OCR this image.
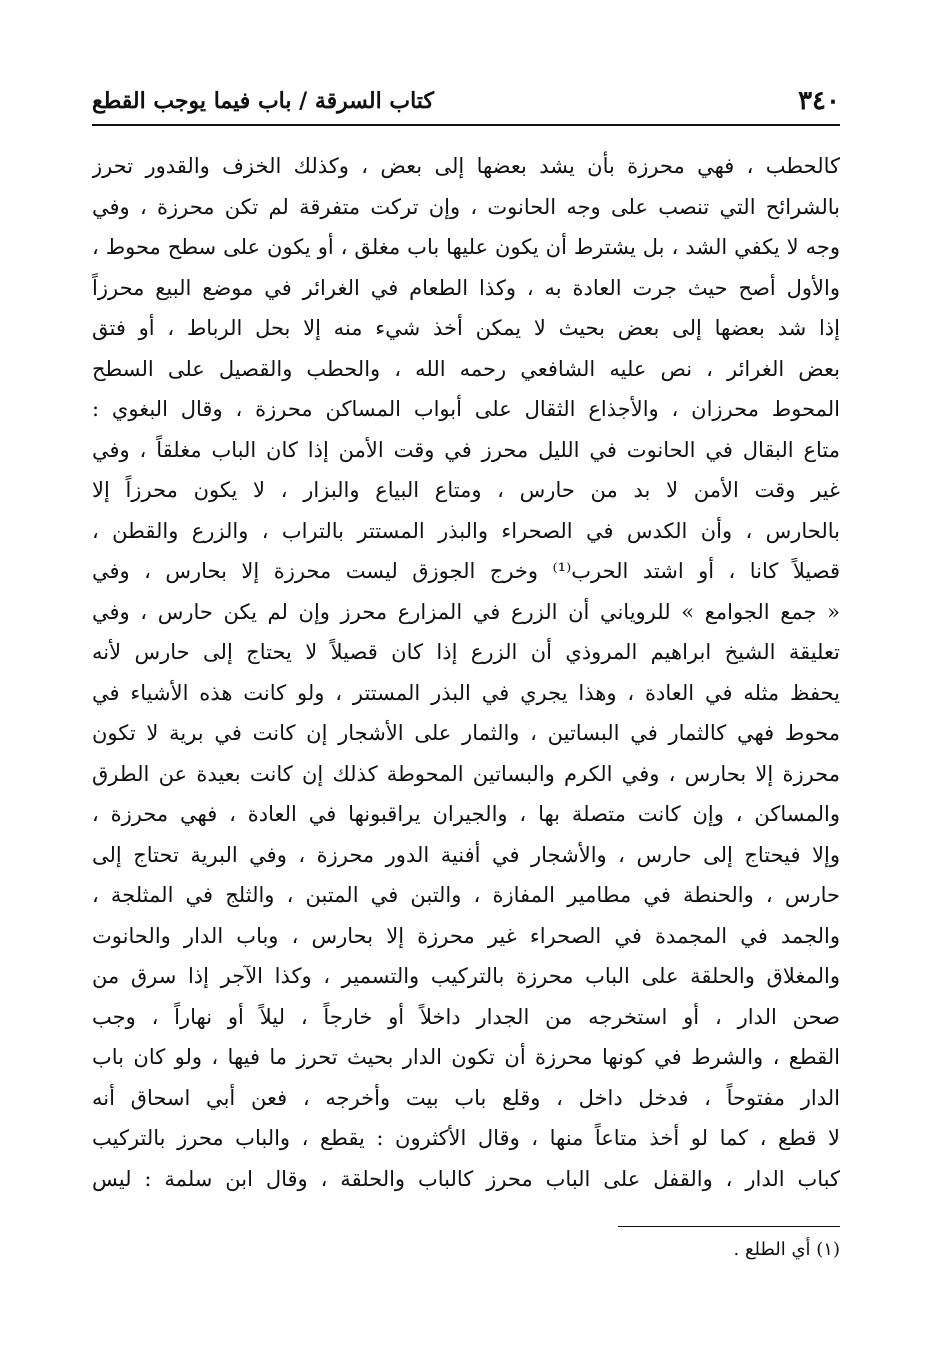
٣٤٠
كتاب السرقة / باب فيما يوجب القطع
كالحطب ، فهي محرزة بأن يشد بعضها إلى بعض ، وكذلك الخزف والقدور تحرز
بالشرائح التي تنصب على وجه الحانوت ، وإن تركت متفرقة لم تكن محرزة ، وفي
وجه لا يكفي الشد ، بل يشترط أن يكون عليها باب مغلق ، أو يكون على سطح محوط ،
والأول أصح حيث جرت العادة به ، وكذا الطعام في الغرائر في موضع البيع محرزاً
إذا شد بعضها إلى بعض بحيث لا يمكن أخذ شيء منه إلا بحل الرباط ، أو فتق
بعض الغرائر ، نص عليه الشافعي رحمه الله ، والحطب والقصيل على السطح
المحوط محرزان ، والأجذاع الثقال على أبواب المساكن محرزة ، وقال البغوي :
متاع البقال في الحانوت في الليل محرز في وقت الأمن إذا كان الباب مغلقاً ، وفي
غير وقت الأمن لا بد من حارس ، ومتاع البياع والبزار ، لا يكون محرزاً إلا
بالحارس ، وأن الكدس في الصحراء والبذر المستتر بالتراب ، والزرع والقطن ،
قصيلاً كانا ، أو اشتد الحرب⁽¹⁾ وخرج الجوزق ليست محرزة إلا بحارس ، وفي
« جمع الجوامع » للروياني أن الزرع في المزارع محرز وإن لم يكن حارس ، وفي
تعليقة الشيخ ابراهيم المروذي أن الزرع إذا كان قصيلاً لا يحتاج إلى حارس لأنه
يحفظ مثله في العادة ، وهذا يجري في البذر المستتر ، ولو كانت هذه الأشياء في
محوط فهي كالثمار في البساتين ، والثمار على الأشجار إن كانت في برية لا تكون
محرزة إلا بحارس ، وفي الكرم والبساتين المحوطة كذلك إن كانت بعيدة عن الطرق
والمساكن ، وإن كانت متصلة بها ، والجيران يراقبونها في العادة ، فهي محرزة ،
وإلا فيحتاج إلى حارس ، والأشجار في أفنية الدور محرزة ، وفي البرية تحتاج إلى
حارس ، والحنطة في مطامير المفازة ، والتبن في المتبن ، والثلج في المثلجة ،
والجمد في المجمدة في الصحراء غير محرزة إلا بحارس ، وباب الدار والحانوت
والمغلاق والحلقة على الباب محرزة بالتركيب والتسمير ، وكذا الآجر إذا سرق من
صحن الدار ، أو استخرجه من الجدار داخلاً أو خارجاً ، ليلاً أو نهاراً ، وجب
القطع ، والشرط في كونها محرزة أن تكون الدار بحيث تحرز ما فيها ، ولو كان باب
الدار مفتوحاً ، فدخل داخل ، وقلع باب بيت وأخرجه ، فعن أبي اسحاق أنه
لا قطع ، كما لو أخذ متاعاً منها ، وقال الأكثرون : يقطع ، والباب محرز بالتركيب
كباب الدار ، والقفل على الباب محرز كالباب والحلقة ، وقال ابن سلمة : ليس
(١) أي الطلع .
